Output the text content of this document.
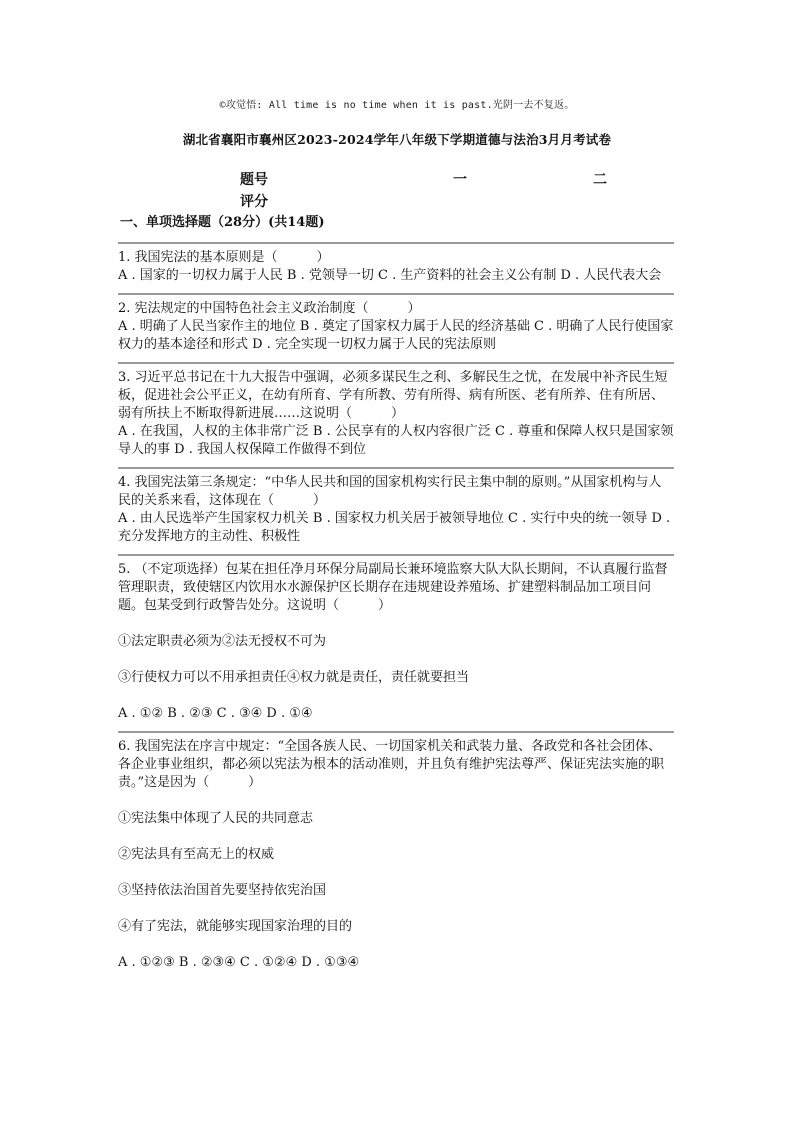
©攻觉悟: All time is no time when it is past.光阴一去不复返。
湖北省襄阳市襄州区2023-2024学年八年级下学期道德与法治3月月考试卷
题号
评分
一	二
一、单项选择题（28分）(共14题)

1. 我国宪法的基本原则是（　　　）

A . 国家的一切权力属于人民 B . 党领导一切 C . 生产资料的社会主义公有制 D . 人民代表大会

2. 宪法规定的中国特色社会主义政治制度（　　　）

A . 明确了人民当家作主的地位 B . 奠定了国家权力属于人民的经济基础 C . 明确了人民行使国家权力的基本途径和形式 D . 完全实现一切权力属于人民的宪法原则

3. 习近平总书记在十九大报告中强调，必须多谋民生之利、多解民生之忧，在发展中补齐民生短板，促进社会公平正义，在幼有所育、学有所教、劳有所得、病有所医、老有所养、住有所居、弱有所扶上不断取得新进展……这说明（　　　）

A . 在我国，人权的主体非常广泛 B . 公民享有的人权内容很广泛 C . 尊重和保障人权只是国家领导人的事 D . 我国人权保障工作做得不到位

4. 我国宪法第三条规定：“中华人民共和国的国家机构实行民主集中制的原则。”从国家机构与人民的关系来看，这体现在（　　　）

A . 由人民选举产生国家权力机关 B . 国家权力机关居于被领导地位 C . 实行中央的统一领导 D . 充分发挥地方的主动性、积极性

5. （不定项选择）包某在担任净月环保分局副局长兼环境监察大队大队长期间，不认真履行监督管理职责，致使辖区内饮用水水源保护区长期存在违规建设养殖场、扩建塑料制品加工项目问题。包某受到行政警告处分。这说明（　　　）

①法定职责必须为②法无授权不可为

③行使权力可以不用承担责任④权力就是责任，责任就要担当

A . ①② B . ②③ C . ③④ D . ①④

6. 我国宪法在序言中规定：“全国各族人民、一切国家机关和武装力量、各政党和各社会团体、各企业事业组织，都必须以宪法为根本的活动准则，并且负有维护宪法尊严、保证宪法实施的职责。”这是因为（　　　）

①宪法集中体现了人民的共同意志

②宪法具有至高无上的权威

③坚持依法治国首先要坚持依宪治国

④有了宪法，就能够实现国家治理的目的

A . ①②③ B . ②③④ C . ①②④ D . ①③④
